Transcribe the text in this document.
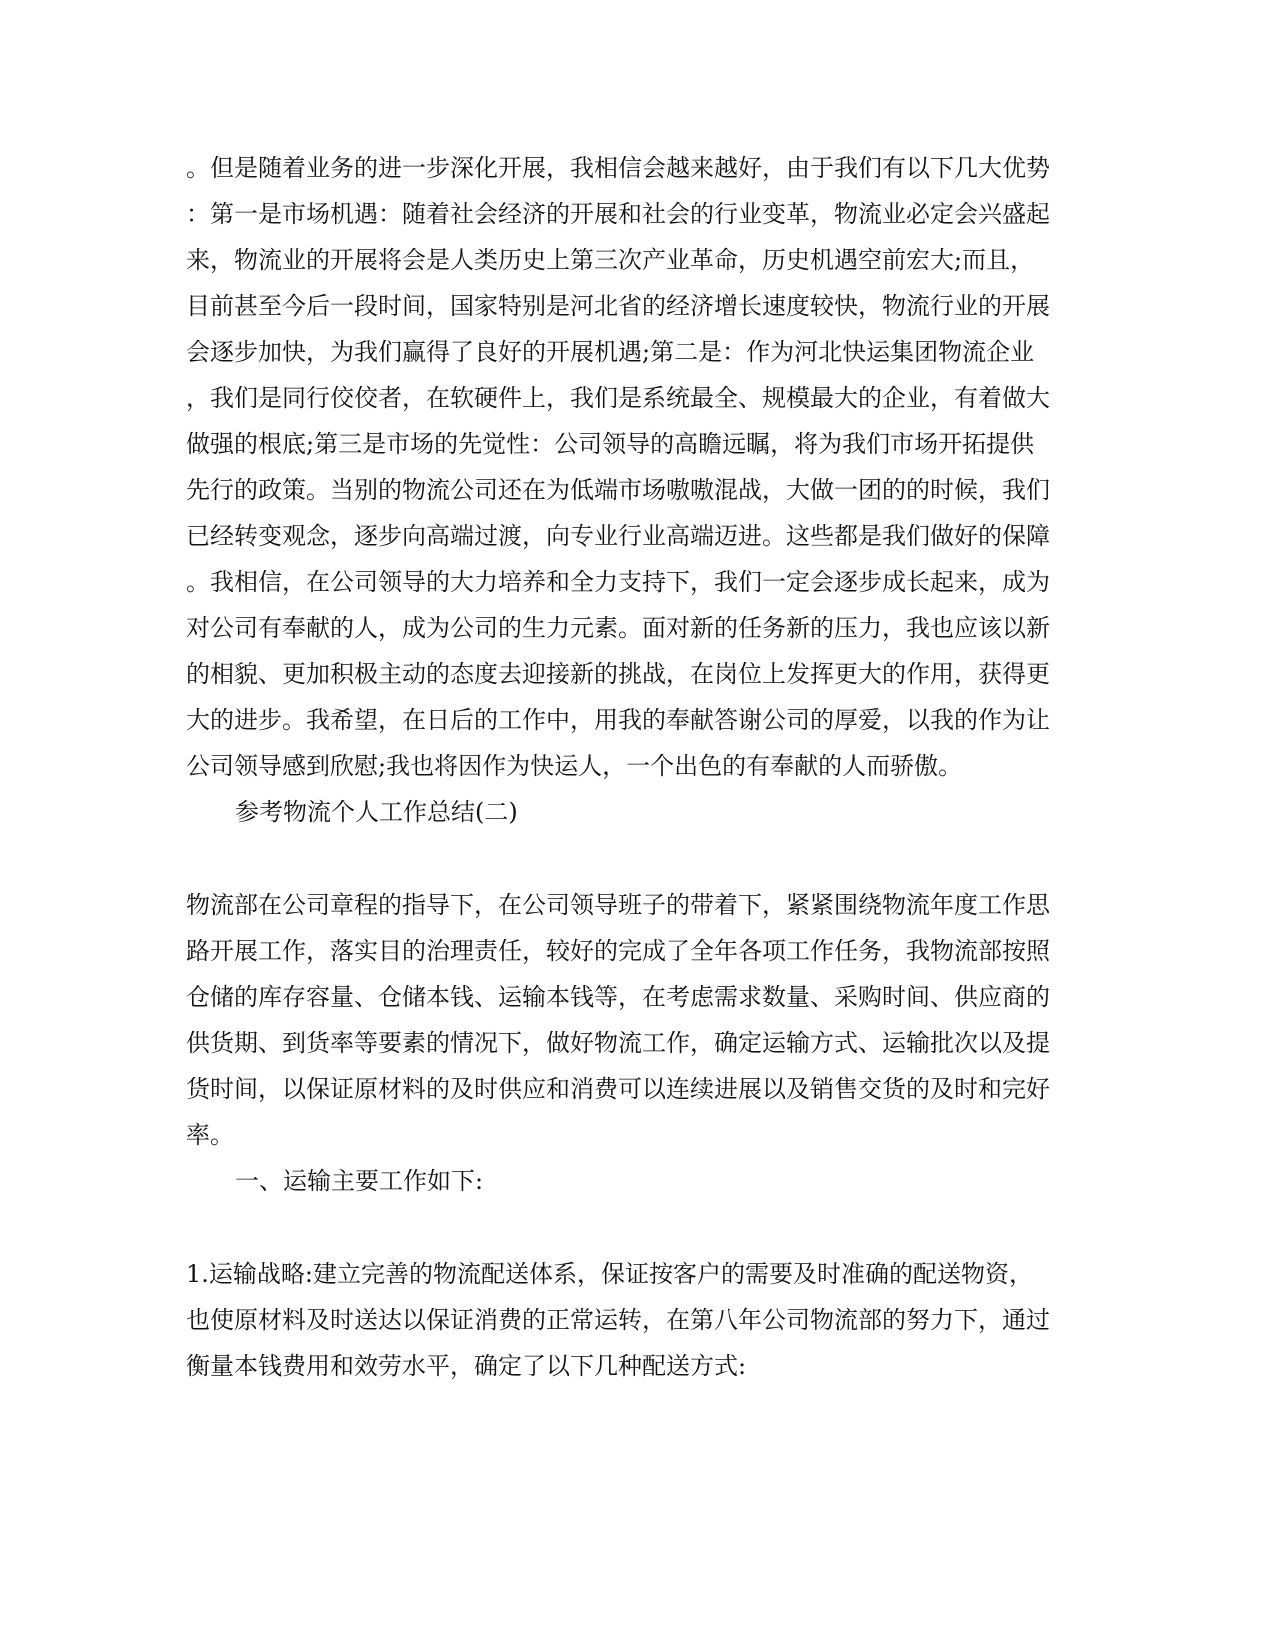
。但是随着业务的进一步深化开展，我相信会越来越好，由于我们有以下几大优势
：第一是市场机遇：随着社会经济的开展和社会的行业变革，物流业必定会兴盛起
来，物流业的开展将会是人类历史上第三次产业革命，历史机遇空前宏大;而且，
目前甚至今后一段时间，国家特别是河北省的经济增长速度较快，物流行业的开展
会逐步加快，为我们赢得了良好的开展机遇;第二是：作为河北快运集团物流企业
，我们是同行佼佼者，在软硬件上，我们是系统最全、规模最大的企业，有着做大
做强的根底;第三是市场的先觉性：公司领导的高瞻远瞩，将为我们市场开拓提供
先行的政策。当别的物流公司还在为低端市场嗷嗷混战，大做一团的的时候，我们
已经转变观念，逐步向高端过渡，向专业行业高端迈进。这些都是我们做好的保障
。我相信，在公司领导的大力培养和全力支持下，我们一定会逐步成长起来，成为
对公司有奉献的人，成为公司的生力元素。面对新的任务新的压力，我也应该以新
的相貌、更加积极主动的态度去迎接新的挑战，在岗位上发挥更大的作用，获得更
大的进步。我希望，在日后的工作中，用我的奉献答谢公司的厚爱，以我的作为让
公司领导感到欣慰;我也将因作为快运人，一个出色的有奉献的人而骄傲。
参考物流个人工作总结(二)
物流部在公司章程的指导下，在公司领导班子的带着下，紧紧围绕物流年度工作思
路开展工作，落实目的治理责任，较好的完成了全年各项工作任务，我物流部按照
仓储的库存容量、仓储本钱、运输本钱等，在考虑需求数量、采购时间、供应商的
供货期、到货率等要素的情况下，做好物流工作，确定运输方式、运输批次以及提
货时间，以保证原材料的及时供应和消费可以连续进展以及销售交货的及时和完好
率。
一、运输主要工作如下:
1.运输战略:建立完善的物流配送体系，保证按客户的需要及时准确的配送物资，
也使原材料及时送达以保证消费的正常运转，在第八年公司物流部的努力下，通过
衡量本钱费用和效劳水平，确定了以下几种配送方式:
